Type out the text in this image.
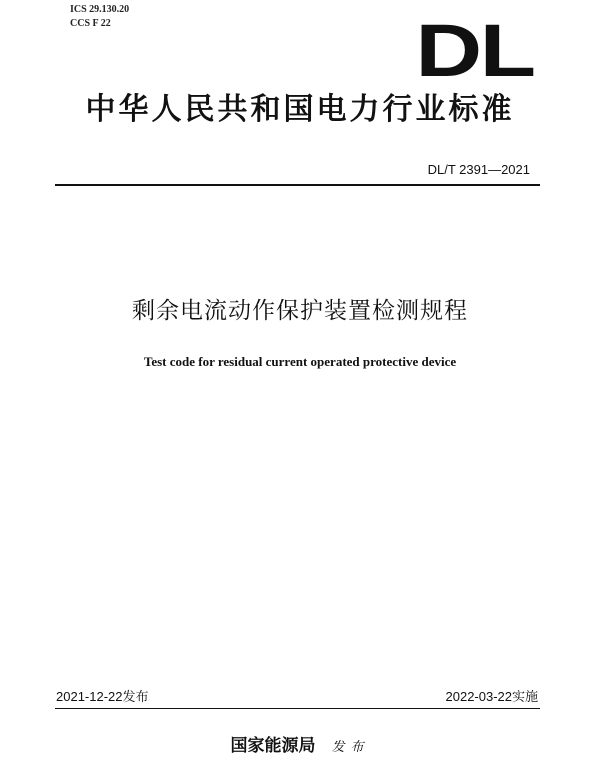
ICS 29.130.20
CCS F 22	DL
中华人民共和国电力行业标准
DL/T 2391—2021
剩余电流动作保护装置检测规程
Test code for residual current operated protective device
2021-12-22发布	2022-03-22实施
国家能源局 发布
